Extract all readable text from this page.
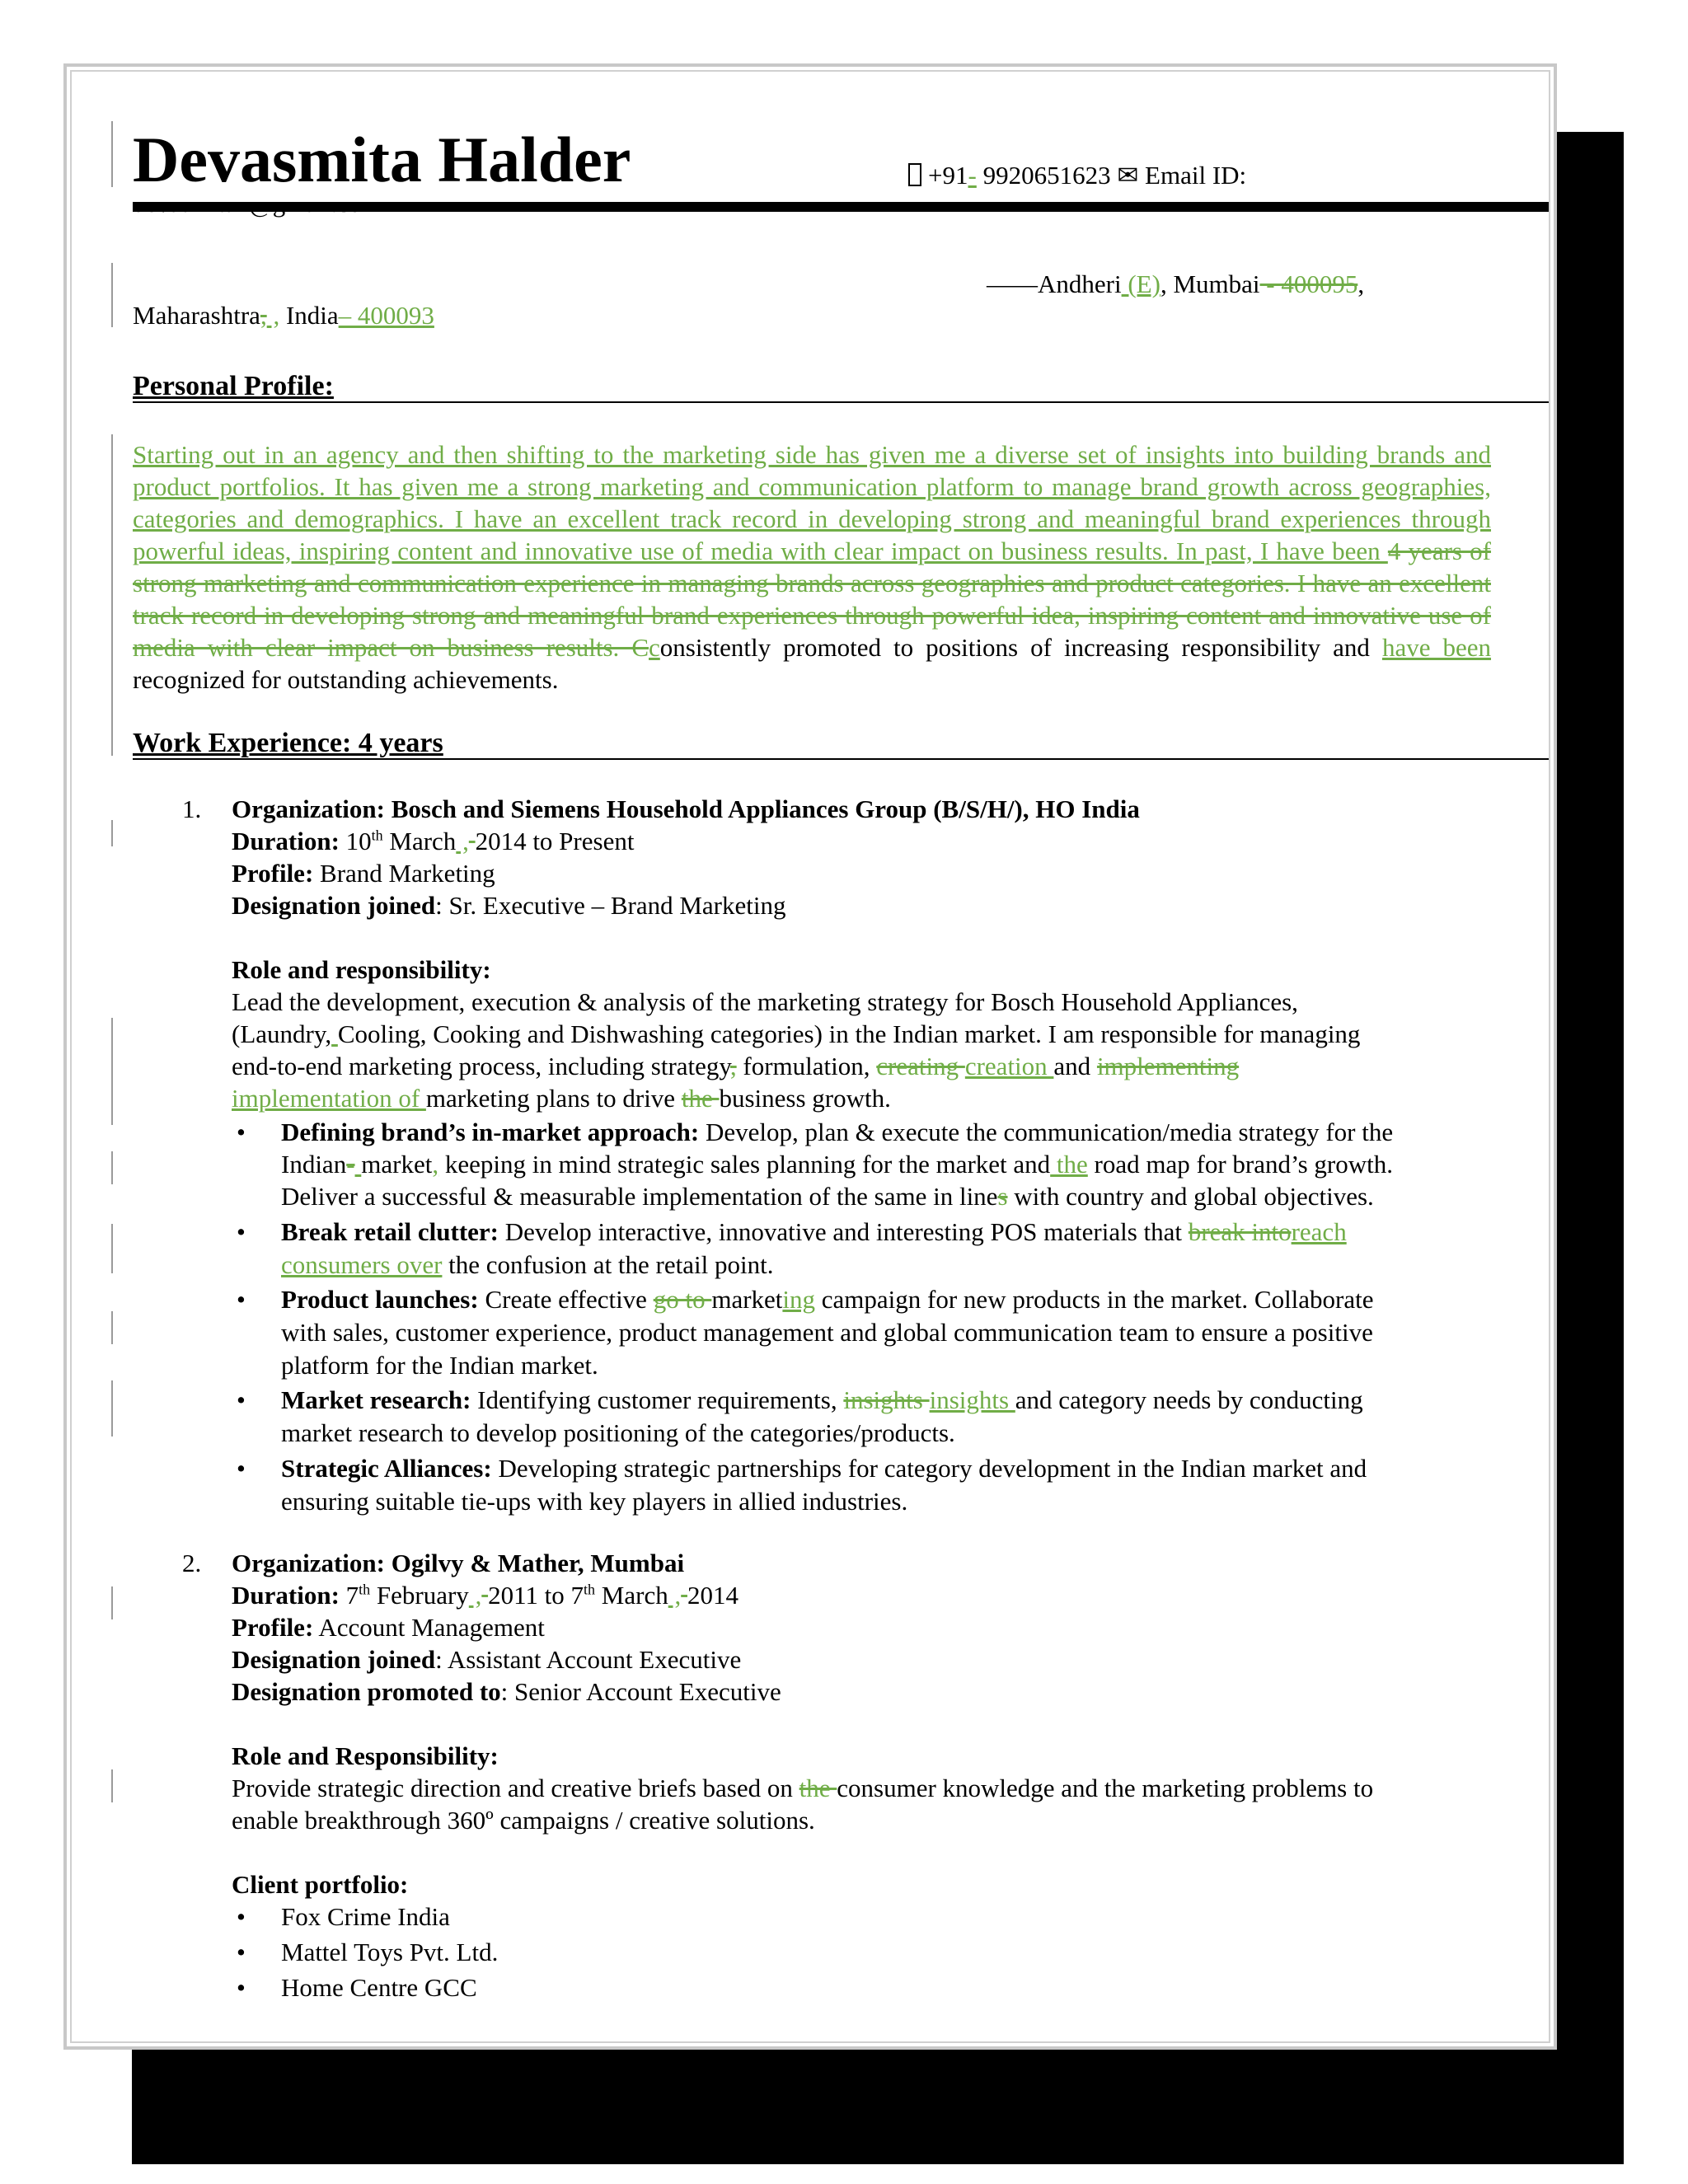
Devasmita Halder	+91- 9920651623 ✉ Email ID:
——Andheri (E), Mumbai - 400095,
Maharashtra, , India– 400093
Personal Profile:
Starting out in an agency and then shifting to the marketing side has given me a diverse set of insights into building brands and product portfolios. It has given me a strong marketing and communication platform to manage brand growth across geographies, categories and demographics. I have an excellent track record in developing strong and meaningful brand experiences through powerful ideas, inspiring content and innovative use of media with clear impact on business results. In past, I have been 4 years of strong marketing and communication experience in managing brands across geographies and product categories. I have an excellent track record in developing strong and meaningful brand experiences through powerful idea, inspiring content and innovative use of media with clear impact on business results. Cconsistently promoted to positions of increasing responsibility and have been recognized for outstanding achievements.
Work Experience: 4 years
1. Organization: Bosch and Siemens Household Appliances Group (B/S/H/), HO India
Duration: 10th March , 2014 to Present
Profile: Brand Marketing
Designation joined: Sr. Executive – Brand Marketing
Role and responsibility:
Lead the development, execution & analysis of the marketing strategy for Bosch Household Appliances,
(Laundry, Cooling, Cooking and Dishwashing categories) in the Indian market. I am responsible for managing
end-to-end marketing process, including strategy, formulation, creating creation and implementing
implementation of marketing plans to drive the business growth.
• Defining brand’s in-market approach: Develop, plan & execute the communication/media strategy for the
Indian- market, keeping in mind strategic sales planning for the market and the road map for brand’s growth.
Deliver a successful & measurable implementation of the same in lines with country and global objectives.
• Break retail clutter: Develop interactive, innovative and interesting POS materials that break intoreach
consumers over the confusion at the retail point.
• Product launches: Create effective go to marketing campaign for new products in the market. Collaborate
with sales, customer experience, product management and global communication team to ensure a positive
platform for the Indian market.
• Market research: Identifying customer requirements, insights insights and category needs by conducting
market research to develop positioning of the categories/products.
• Strategic Alliances: Developing strategic partnerships for category development in the Indian market and
ensuring suitable tie-ups with key players in allied industries.
2. Organization: Ogilvy & Mather, Mumbai
Duration: 7th February , 2011 to 7th March , 2014
Profile: Account Management
Designation joined: Assistant Account Executive
Designation promoted to: Senior Account Executive
Role and Responsibility:
Provide strategic direction and creative briefs based on the consumer knowledge and the marketing problems to
enable breakthrough 360º campaigns / creative solutions.
Client portfolio:
• Fox Crime India
• Mattel Toys Pvt. Ltd.
• Home Centre GCC
